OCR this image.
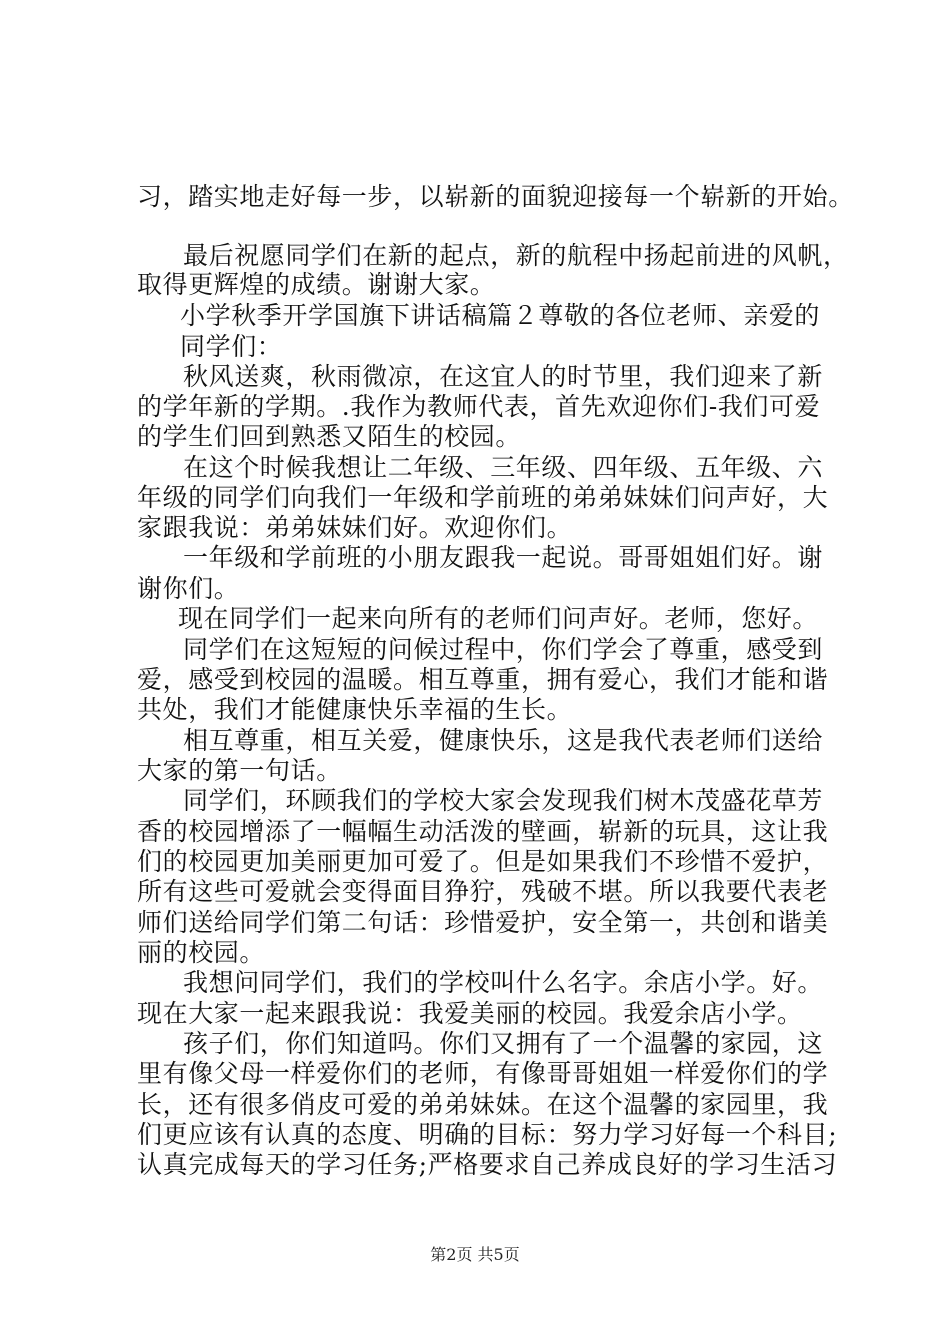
习，踏实地走好每一步，以崭新的面貌迎接每一个崭新的开始。
最后祝愿同学们在新的起点，新的航程中扬起前进的风帆，
取得更辉煌的成绩。谢谢大家。
小学秋季开学国旗下讲话稿篇２尊敬的各位老师、亲爱的
同学们：
秋风送爽，秋雨微凉，在这宜人的时节里，我们迎来了新
的学年新的学期。.我作为教师代表，首先欢迎你们-我们可爱
的学生们回到熟悉又陌生的校园。
在这个时候我想让二年级、三年级、四年级、五年级、六
年级的同学们向我们一年级和学前班的弟弟妹妹们问声好，大
家跟我说：弟弟妹妹们好。欢迎你们。
一年级和学前班的小朋友跟我一起说。哥哥姐姐们好。谢
谢你们。
现在同学们一起来向所有的老师们问声好。老师，您好。
同学们在这短短的问候过程中，你们学会了尊重，感受到
爱，感受到校园的温暖。相互尊重，拥有爱心，我们才能和谐
共处，我们才能健康快乐幸福的生长。
相互尊重，相互关爱，健康快乐，这是我代表老师们送给
大家的第一句话。
同学们，环顾我们的学校大家会发现我们树木茂盛花草芳
香的校园增添了一幅幅生动活泼的壁画，崭新的玩具，这让我
们的校园更加美丽更加可爱了。但是如果我们不珍惜不爱护，
所有这些可爱就会变得面目狰狞，残破不堪。所以我要代表老
师们送给同学们第二句话：珍惜爱护，安全第一，共创和谐美
丽的校园。
我想问同学们，我们的学校叫什么名字。余店小学。好。
现在大家一起来跟我说：我爱美丽的校园。我爱余店小学。
孩子们，你们知道吗。你们又拥有了一个温馨的家园，这
里有像父母一样爱你们的老师，有像哥哥姐姐一样爱你们的学
长，还有很多俏皮可爱的弟弟妹妹。在这个温馨的家园里，我
们更应该有认真的态度、明确的目标：努力学习好每一个科目;
认真完成每天的学习任务;严格要求自己养成良好的学习生活习
第2页 共5页
